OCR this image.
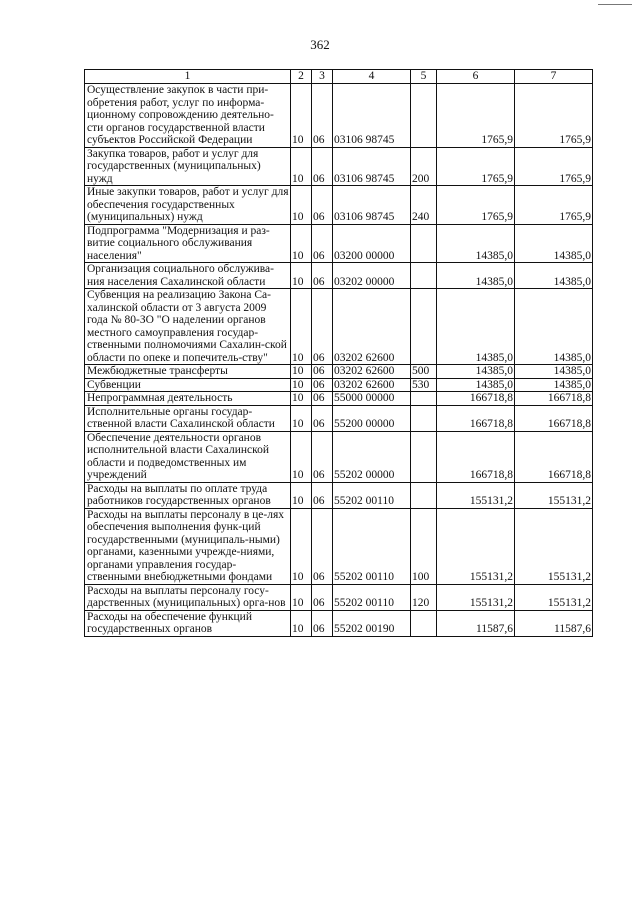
362
1	2	3	4	5	6	7
Осуществление закупок в части при-обретения работ, услуг по информа-ционному сопровождению деятельно-сти органов государственной власти субъектов Российской Федерации	10	06	03106 98745		1765,9	1765,9
Закупка товаров, работ и услуг для государственных (муниципальных) нужд	10	06	03106 98745	200	1765,9	1765,9
Иные закупки товаров, работ и услуг для обеспечения государственных (муниципальных) нужд	10	06	03106 98745	240	1765,9	1765,9
Подпрограмма "Модернизация и раз-витие социального обслуживания населения"	10	06	03200 00000		14385,0	14385,0
Организация социального обслужива-ния населения Сахалинской области	10	06	03202 00000		14385,0	14385,0
Субвенция на реализацию Закона Са-халинской области от 3 августа 2009 года № 80-ЗО "О наделении органов местного самоуправления государ-ственными полномочиями Сахалин-ской области по опеке и попечитель-ству"	10	06	03202 62600		14385,0	14385,0
Межбюджетные трансферты	10	06	03202 62600	500	14385,0	14385,0
Субвенции	10	06	03202 62600	530	14385,0	14385,0
Непрограммная деятельность	10	06	55000 00000		166718,8	166718,8
Исполнительные органы государ-ственной власти Сахалинской области	10	06	55200 00000		166718,8	166718,8
Обеспечение деятельности органов исполнительной власти Сахалинской области и подведомственных им учреждений	10	06	55202 00000		166718,8	166718,8
Расходы на выплаты по оплате труда работников государственных органов	10	06	55202 00110		155131,2	155131,2
Расходы на выплаты персоналу в це-лях обеспечения выполнения функ-ций государственными (муниципаль-ными) органами, казенными учрежде-ниями, органами управления государ-ственными внебюджетными фондами	10	06	55202 00110	100	155131,2	155131,2
Расходы на выплаты персоналу госу-дарственных (муниципальных) орга-нов	10	06	55202 00110	120	155131,2	155131,2
Расходы на обеспечение функций государственных органов	10	06	55202 00190		11587,6	11587,6
